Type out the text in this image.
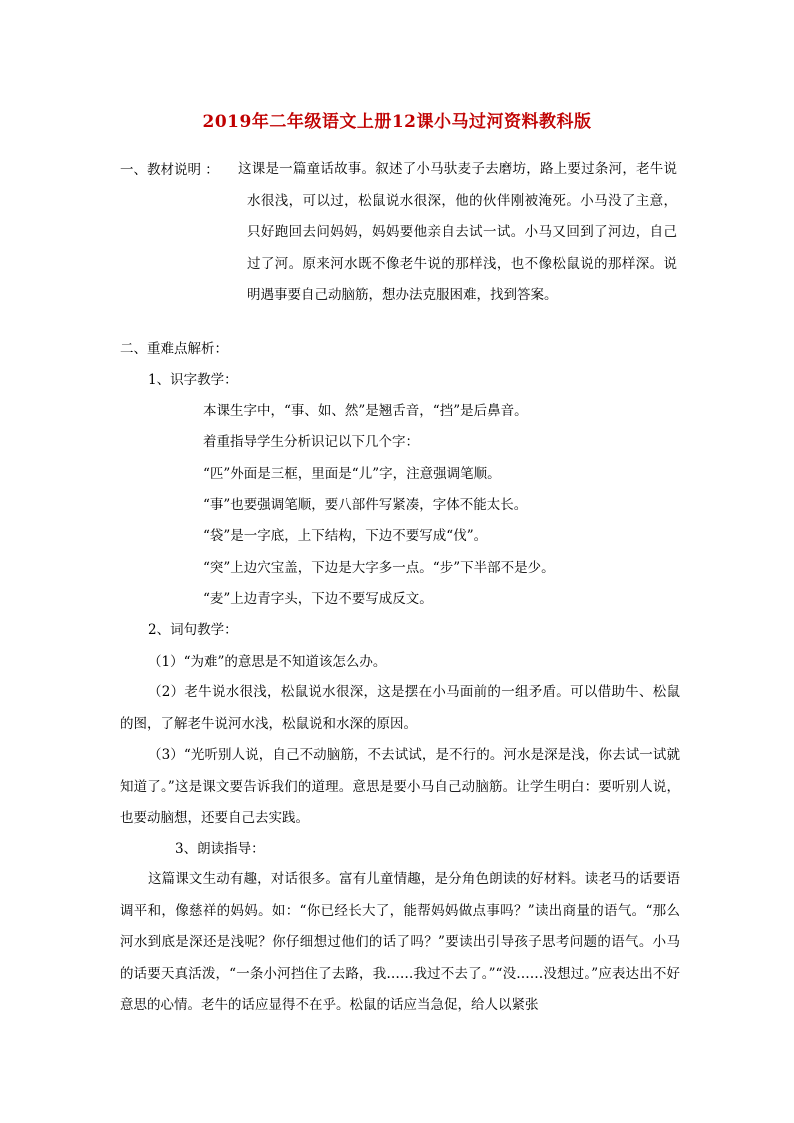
2019年二年级语文上册12课小马过河资料教科版
一、教材说明 ： 这课是一篇童话故事。叙述了小马驮麦子去磨坊，路上要过条河，老牛说水很浅，可以过，松鼠说水很深，他的伙伴刚被淹死。小马没了主意，只好跑回去问妈妈，妈妈要他亲自去试一试。小马又回到了河边，自己过了河。原来河水既不像老牛说的那样浅，也不像松鼠说的那样深。说明遇事要自己动脑筋，想办法克服困难，找到答案。
二、重难点解析：
1、识字教学：
本课生字中，“事、如、然”是翘舌音，“挡”是后鼻音。
着重指导学生分析识记以下几个字：
“匹”外面是三框，里面是“儿”字，注意强调笔顺。
“事”也要强调笔顺，要八部件写紧凑，字体不能太长。
“袋”是一字底，上下结构，下边不要写成“伐”。
“突”上边穴宝盖，下边是大字多一点。“步”下半部不是少。
“麦”上边青字头，下边不要写成反文。
2、词句教学：
（1）“为难”的意思是不知道该怎么办。
（2）老牛说水很浅，松鼠说水很深，这是摆在小马面前的一组矛盾。可以借助牛、松鼠的图，了解老牛说河水浅，松鼠说和水深的原因。
（3）“光听别人说，自己不动脑筋，不去试试，是不行的。河水是深是浅，你去试一试就知道了。”这是课文要告诉我们的道理。意思是要小马自己动脑筋。让学生明白：要听别人说，也要动脑想，还要自己去实践。
3、朗读指导：
这篇课文生动有趣，对话很多。富有儿童情趣，是分角色朗读的好材料。读老马的话要语调平和，像慈祥的妈妈。如：“你已经长大了，能帮妈妈做点事吗？”读出商量的语气。“那么河水到底是深还是浅呢？你仔细想过他们的话了吗？”要读出引导孩子思考问题的语气。小马的话要天真活泼，“一条小河挡住了去路，我……我过不去了。”“没……没想过。”应表达出不好意思的心情。老牛的话应显得不在乎。松鼠的话应当急促，给人以紧张
